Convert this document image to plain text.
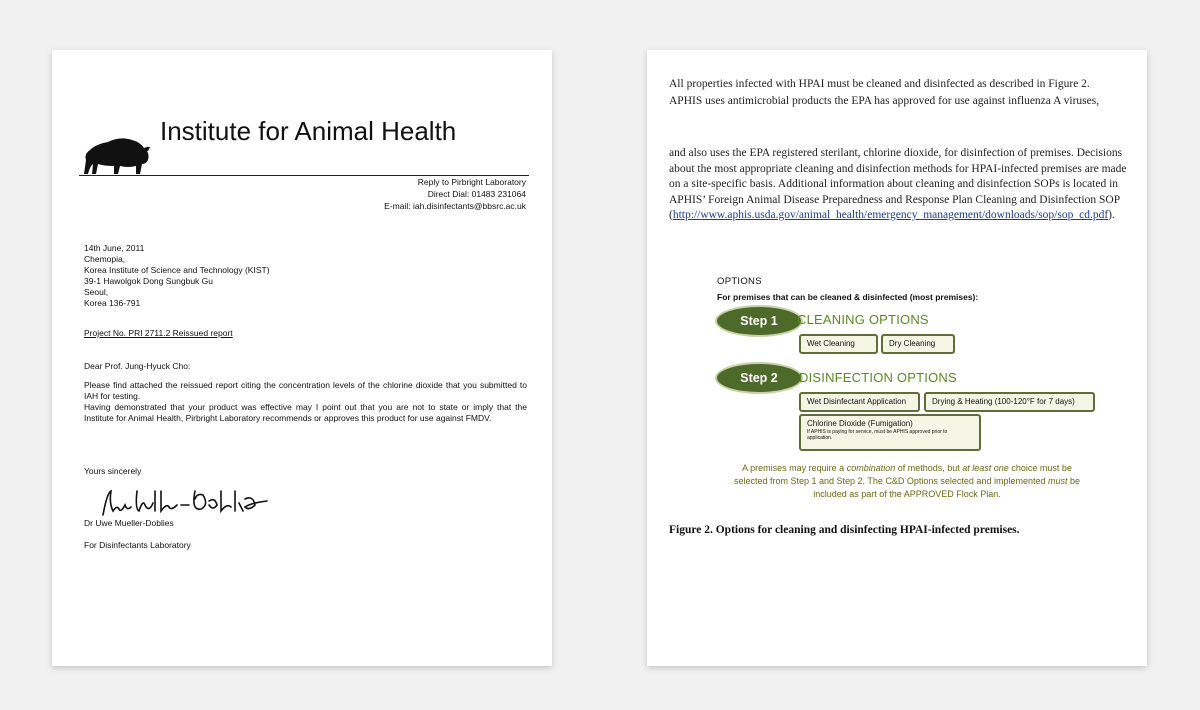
Institute for Animal Health
Reply to Pirbright Laboratory
Direct Dial: 01483 231064
E-mail: iah.disinfectants@bbsrc.ac.uk
14th June, 2011
Chemopia,
Korea Institute of Science and Technology (KIST)
39-1 Hawolgok Dong Sungbuk Gu
Seoul,
Korea 136-791
Project No. PRI 2711.2 Reissued report
Dear Prof. Jung-Hyuck Cho:
Please find attached the reissued report citing the concentration levels of the chlorine dioxide that you submitted to IAH for testing.
Having demonstrated that your product was effective may I point out that you are not to state or imply that the Institute for Animal Health, Pirbright Laboratory recommends or approves this product for use against FMDV.
Yours sincerely
Dr Uwe Mueller-Doblies
For Disinfectants Laboratory
All properties infected with HPAI must be cleaned and disinfected as described in Figure 2.
APHIS uses antimicrobial products the EPA has approved for use against influenza A viruses,
and also uses the EPA registered sterilant, chlorine dioxide, for disinfection of premises. Decisions about the most appropriate cleaning and disinfection methods for HPAI-infected premises are made on a site-specific basis. Additional information about cleaning and disinfection SOPs is located in APHIS’ Foreign Animal Disease Preparedness and Response Plan Cleaning and Disinfection SOP
(http://www.aphis.usda.gov/animal_health/emergency_management/downloads/sop/sop_cd.pdf).
OPTIONS
For premises that can be cleaned & disinfected (most premises):
Step 1	CLEANING OPTIONS
Wet Cleaning	Dry Cleaning
Step 2	DISINFECTION OPTIONS
Wet Disinfectant Application	Drying & Heating (100-120°F for 7 days)
Chlorine Dioxide (Fumigation)
If APHIS is paying for service, must be APHIS approved prior to application.
A premises may require a combination of methods, but at least one choice must be
selected from Step 1 and Step 2. The C&D Options selected and implemented must be
included as part of the APPROVED Flock Plan.
Figure 2. Options for cleaning and disinfecting HPAI-infected premises.
